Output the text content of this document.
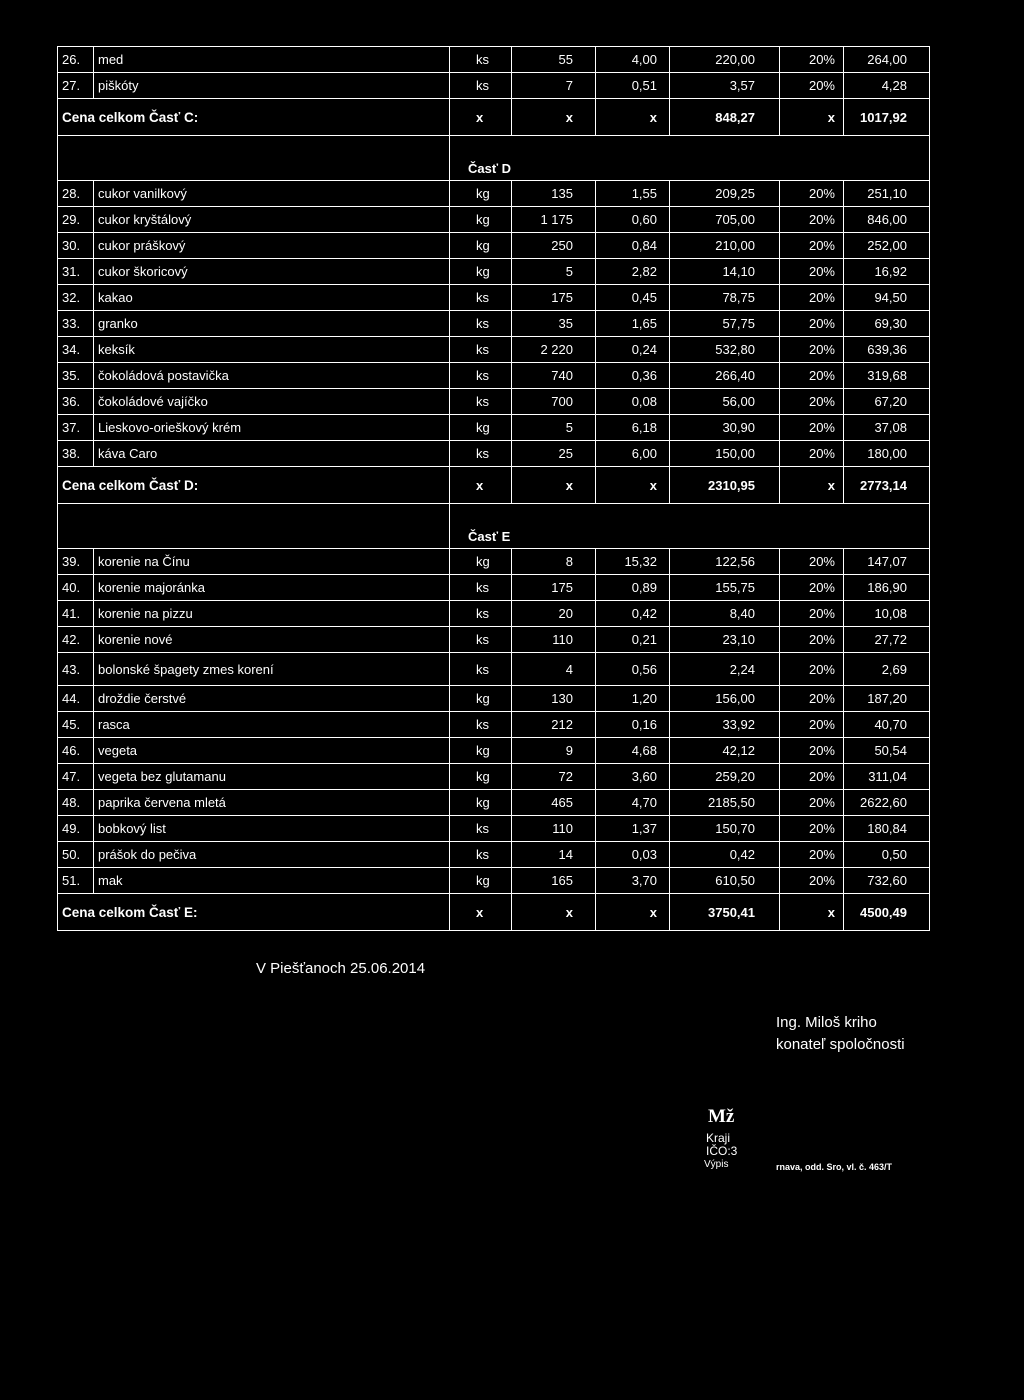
26.	med	ks	55	4,00	220,00	20%	264,00
27.	piškóty	ks	7	0,51	3,57	20%	4,28
Cena celkom Časť C:		x	x	x	848,27	x	1017,92
		Časť D					
28.	cukor vanilkový	kg	135	1,55	209,25	20%	251,10
29.	cukor kryštálový	kg	1 175	0,60	705,00	20%	846,00
30.	cukor práškový	kg	250	0,84	210,00	20%	252,00
31.	cukor škoricový	kg	5	2,82	14,10	20%	16,92
32.	kakao	ks	175	0,45	78,75	20%	94,50
33.	granko	ks	35	1,65	57,75	20%	69,30
34.	keksík	ks	2 220	0,24	532,80	20%	639,36
35.	čokoládová postavička	ks	740	0,36	266,40	20%	319,68
36.	čokoládové vajíčko	ks	700	0,08	56,00	20%	67,20
37.	Lieskovo-orieškový krém	kg	5	6,18	30,90	20%	37,08
38.	káva Caro	ks	25	6,00	150,00	20%	180,00
Cena celkom Časť D:		x	x	x	2310,95	x	2773,14
		Časť E					
39.	korenie na Čínu	kg	8	15,32	122,56	20%	147,07
40.	korenie majoránka	ks	175	0,89	155,75	20%	186,90
41.	korenie na pizzu	ks	20	0,42	8,40	20%	10,08
42.	korenie nové	ks	110	0,21	23,10	20%	27,72
43.	bolonské špagety zmes korení	ks	4	0,56	2,24	20%	2,69
44.	droždie čerstvé	kg	130	1,20	156,00	20%	187,20
45.	rasca	ks	212	0,16	33,92	20%	40,70
46.	vegeta	kg	9	4,68	42,12	20%	50,54
47.	vegeta bez glutamanu	kg	72	3,60	259,20	20%	311,04
48.	paprika červena mletá	kg	465	4,70	2185,50	20%	2622,60
49.	bobkový list	ks	110	1,37	150,70	20%	180,84
50.	prášok do pečiva	ks	14	0,03	0,42	20%	0,50
51.	mak	kg	165	3,70	610,50	20%	732,60
Cena celkom Časť E:		x	x	x	3750,41	x	4500,49
V Piešťanoch 25.06.2014
Ing. Miloš kriho
konateľ spoločnosti
Mž
Kraji
IČO:3
Výpis	rnava, odd. Sro, vl. č. 463/T
